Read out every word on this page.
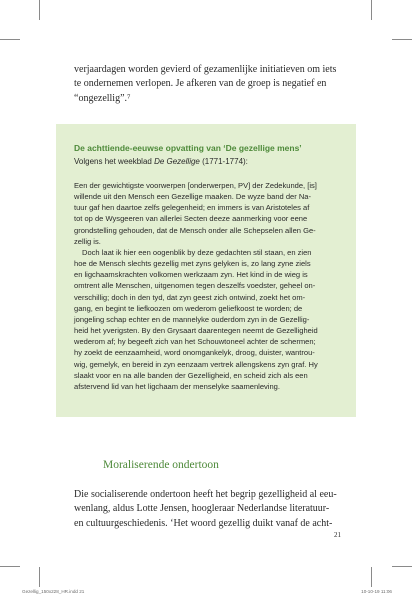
verjaardagen worden gevierd of gezamenlijke initiatieven om iets
te ondernemen verlopen. Je afkeren van de groep is negatief en
“ongezellig”.⁷
De achttiende-eeuwse opvatting van ‘De gezellige mens’
Volgens het weekblad De Gezellige (1771-1774):
Een der gewichtigste voorwerpen [onderwerpen, PV] der Zedekunde, [is]
willende uit den Mensch een Gezellige maaken. De wyze band der Na-
tuur gaf hen daartoe zelfs gelegenheid; en immers is van Aristoteles af
tot op de Wysgeeren van allerlei Secten deeze aanmerking voor eene
grondstelling gehouden, dat de Mensch onder alle Schepselen allen Ge-
zellig is.
Doch laat ik hier een oogenblik by deze gedachten stil staan, en zien
hoe de Mensch slechts gezellig met zyns gelyken is, zo lang zyne ziels
en ligchaamskrachten volkomen werkzaam zyn. Het kind in de wieg is
omtrent alle Menschen, uitgenomen tegen deszelfs voedster, geheel on-
verschillig; doch in den tyd, dat zyn geest zich ontwind, zoekt het om-
gang, en begint te liefkoozen om wederom geliefkoost te worden; de
jongeling schap echter en de mannelyke ouderdom zyn in de Gezellig-
heid het yverigsten. By den Grysaart daarentegen neemt de Gezelligheid
wederom af; hy begeeft zich van het Schouwtoneel achter de schermen;
hy zoekt de eenzaamheid, word onomgankelyk, droog, duister, wantrou-
wig, gemelyk, en bereid in zyn eenzaam vertrek allengskens zyn graf. Hy
slaakt voor en na alle banden der Gezelligheid, en scheid zich als een
afstervend lid van het ligchaam der menselyke saamenleving.
Moraliserende ondertoon
Die socialiserende ondertoon heeft het begrip gezelligheid al eeu-
wenlang, aldus Lotte Jensen, hoogleraar Nederlandse literatuur-
en cultuurgeschiedenis. ‘Het woord gezellig duikt vanaf de acht-
21
Gezellig_150x228_HR.indd 21	10-10-19 11:06
